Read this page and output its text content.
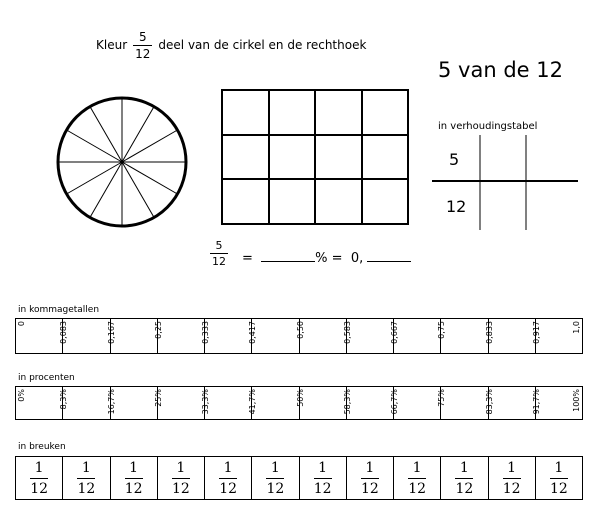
Kleur $\frac{5}{12}$ deel van de cirkel en de rechthoek
5 van de 12
in verhoudingstabel
5
12
5
12 =	% =  0,
in kommagetallen
0	0,083	0,167	0,25	0,333	0,417	0,50	0,583	0,667	0,75	0,833	0,917	1,0
in procenten
0%	8,3%	16,7%	25%	33,3%	41,7%	50%	58,3%	66,7%	75%	83,3%	91,7%	100%
in breuken
1
12
1
12
1
12
1
12
1
12
1
12
1
12
1
12
1
12
1
12
1
12
1
12
